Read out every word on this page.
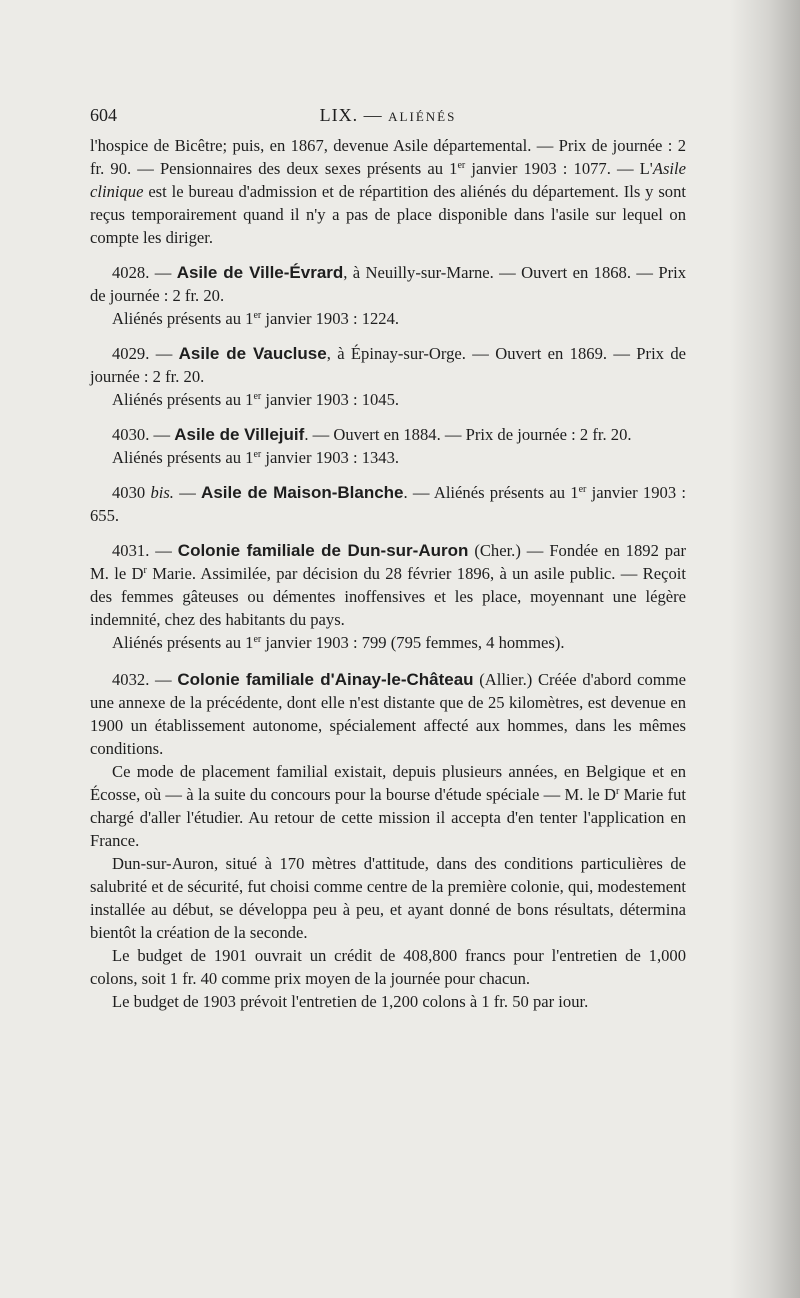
604	LIX. — ALIÉNÉS

l'hospice de Bicêtre; puis, en 1867, devenue Asile départemental. — Prix de journée : 2 fr. 90. — Pensionnaires des deux sexes présents au 1er janvier 1903 : 1077. — L'Asile clinique est le bureau d'admission et de répartition des aliénés du département. Ils y sont reçus temporairement quand il n'y a pas de place disponible dans l'asile sur lequel on compte les diriger.

4028. — Asile de Ville-Évrard, à Neuilly-sur-Marne. — Ouvert en 1868. — Prix de journée : 2 fr. 20.

Aliénés présents au 1er janvier 1903 : 1224.

4029. — Asile de Vaucluse, à Épinay-sur-Orge. — Ouvert en 1869. — Prix de journée : 2 fr. 20.

Aliénés présents au 1er janvier 1903 : 1045.

4030. — Asile de Villejuif. — Ouvert en 1884. — Prix de journée : 2 fr. 20.

Aliénés présents au 1er janvier 1903 : 1343.

4030 bis. — Asile de Maison-Blanche. — Aliénés présents au 1er janvier 1903 : 655.

4031. — Colonie familiale de Dun-sur-Auron (Cher.) — Fondée en 1892 par M. le $D^r$ Marie. Assimilée, par décision du 28 février 1896, à un asile public. — Reçoit des femmes gâteuses ou démentes inoffensives et les place, moyennant une légère indemnité, chez des habitants du pays.

Aliénés présents au 1er janvier 1903 : 799 (795 femmes, 4 hommes).

4032. — Colonie familiale d'Ainay-le-Château (Allier.) Créée d'abord comme une annexe de la précédente, dont elle n'est distante que de 25 kilomètres, est devenue en 1900 un établissement autonome, spécialement affecté aux hommes, dans les mêmes conditions.

Ce mode de placement familial existait, depuis plusieurs années, en Belgique et en Écosse, où — à la suite du concours pour la bourse d'étude spéciale — M. le $D^r$ Marie fut chargé d'aller l'étudier. Au retour de cette mission il accepta d'en tenter l'application en France.

Dun-sur-Auron, situé à 170 mètres d'attitude, dans des conditions particulières de salubrité et de sécurité, fut choisi comme centre de la première colonie, qui, modestement installée au début, se développa peu à peu, et ayant donné de bons résultats, détermina bientôt la création de la seconde.

Le budget de 1901 ouvrait un crédit de 408,800 francs pour l'entretien de 1,000 colons, soit 1 fr. 40 comme prix moyen de la journée pour chacun.

Le budget de 1903 prévoit l'entretien de 1,200 colons à 1 fr. 50 par iour.
